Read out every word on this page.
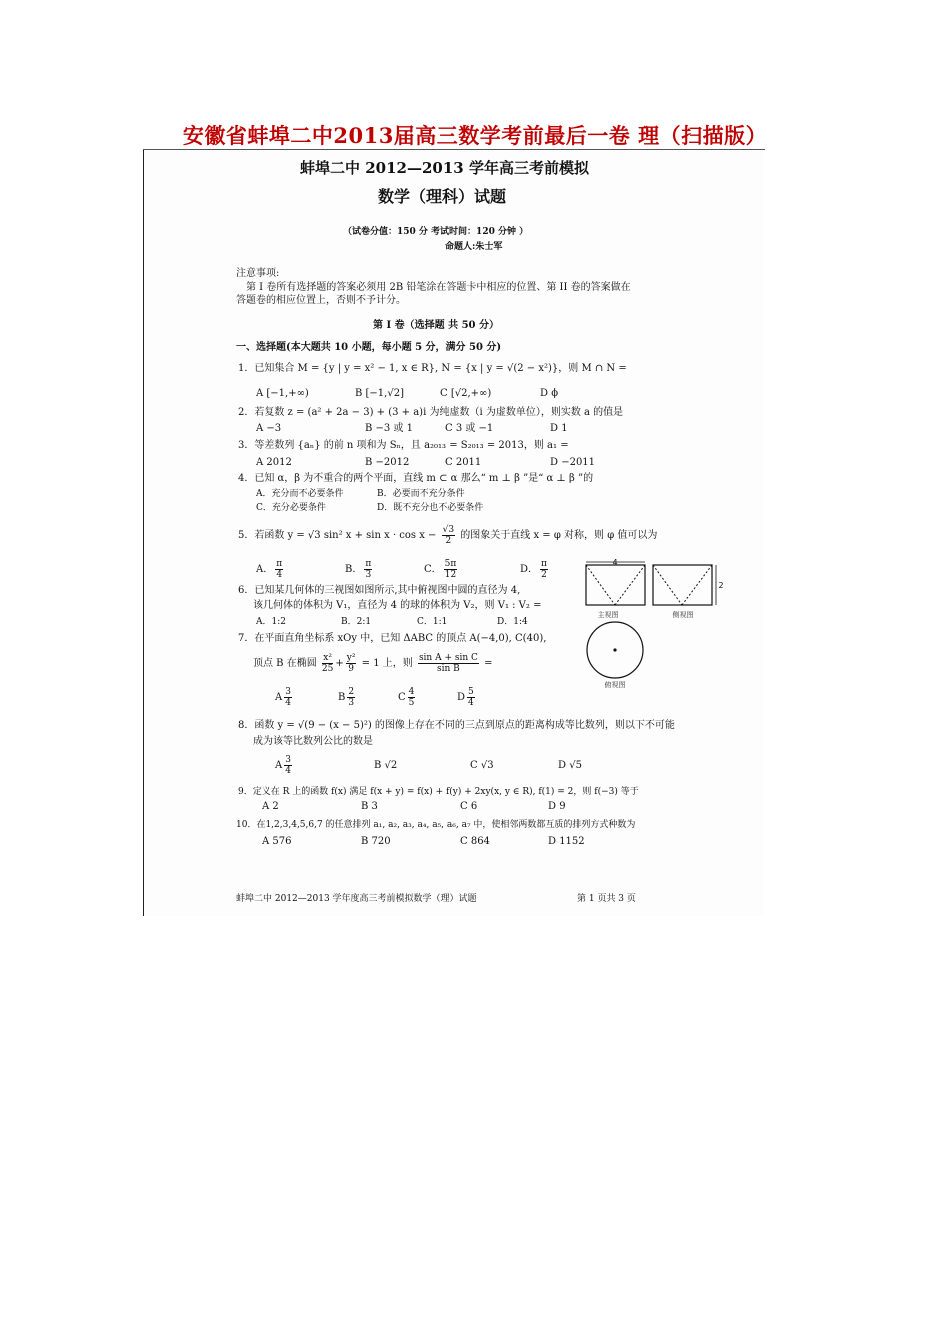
安徽省蚌埠二中2013届高三数学考前最后一卷 理（扫描版）
蚌埠二中 2012—2013 学年高三考前模拟
数学（理科）试题
（试卷分值：150 分 考试时间：120 分钟 ）
命题人:朱士军
注意事项:
第 I 卷所有选择题的答案必须用 2B 铅笔涂在答题卡中相应的位置、第 II 卷的答案做在
答题卷的相应位置上，否则不予计分。
第 I 卷（选择题 共 50 分）
一、选择题(本大题共 10 小题，每小题 5 分，满分 50 分)
1．已知集合 M = {y | y = x² − 1, x ∈ R}, N = {x | y = √(2 − x²)}，则 M ∩ N =
A [−1,+∞)	B [−1,√2]	C [√2,+∞)	D ϕ
2．若复数 z = (a² + 2a − 3) + (3 + a)i 为纯虚数（i 为虚数单位），则实数 a 的值是
A −3	B −3 或 1	C 3 或 −1	D 1
3．等差数列 {aₙ} 的前 n 项和为 Sₙ，且 a₂₀₁₃ = S₂₀₁₃ = 2013，则 a₁ =
A 2012	B −2012	C 2011	D −2011
4．已知 α，β 为不重合的两个平面，直线 m ⊂ α 那么“ m ⊥ β ”是“ α ⊥ β ”的
A．充分而不必要条件	B．必要而不充分条件
C．充分必要条件	D．既不充分也不必要条件
5．若函数 y = √3 sin² $x + \sin x \cdot \cos x - \frac{√3}{2}$ 的图象关于直线 x = φ 对称，则 φ 值可以为
A． $\frac{\pi}{4}$	B． $\frac{\pi}{3}$	C． $\frac{5\pi}{12}$	D． $\frac{\pi}{2}$
6．已知某几何体的三视图如图所示,其中俯视图中圆的直径为 4,
该几何体的体积为 V₁，直径为 4 的球的体积为 V₂，则 V₁ : V₂ =
A．1:2	B．2:1	C．1:1	D．1:4
7．在平面直角坐标系 xOy 中，已知 ΔABC 的顶点 A(−4,0), C(40),
顶点 B 在椭圆 $\frac{\text{x²}}{25} + \frac{\text{y²}}{9} = 1$ 上，则 $\frac{\text{sin A + sin C}}{\text{sin B}}$ =
A $\frac{3}{4}$	B $\frac{2}{3}$	C $\frac{4}{5}$	D $\frac{5}{4}$
8．函数 y = √(9 − (x − 5)²) 的图像上存在不同的三点到原点的距离构成等比数列，则以下不可能
成为该等比数列公比的数是
A $\frac{3}{4}$	B √2	C √3	D √5
9．定义在 R 上的函数 f(x) 满足 f(x + y) = f(x) + f(y) + 2xy(x, y ∈ R), f(1) = 2，则 f(−3) 等于
A 2	B 3	C 6	D 9
10．在1,2,3,4,5,6,7 的任意排列 a₁, a₂, a₃, a₄, a₅, a₆, a₇ 中，使相邻两数都互质的排列方式种数为
A 576	B 720	C 864	D 1152
4
2
主视图	侧视图
俯视图
蚌埠二中 2012—2013 学年度高三考前模拟数学（理）试题	第 1 页共 3 页
